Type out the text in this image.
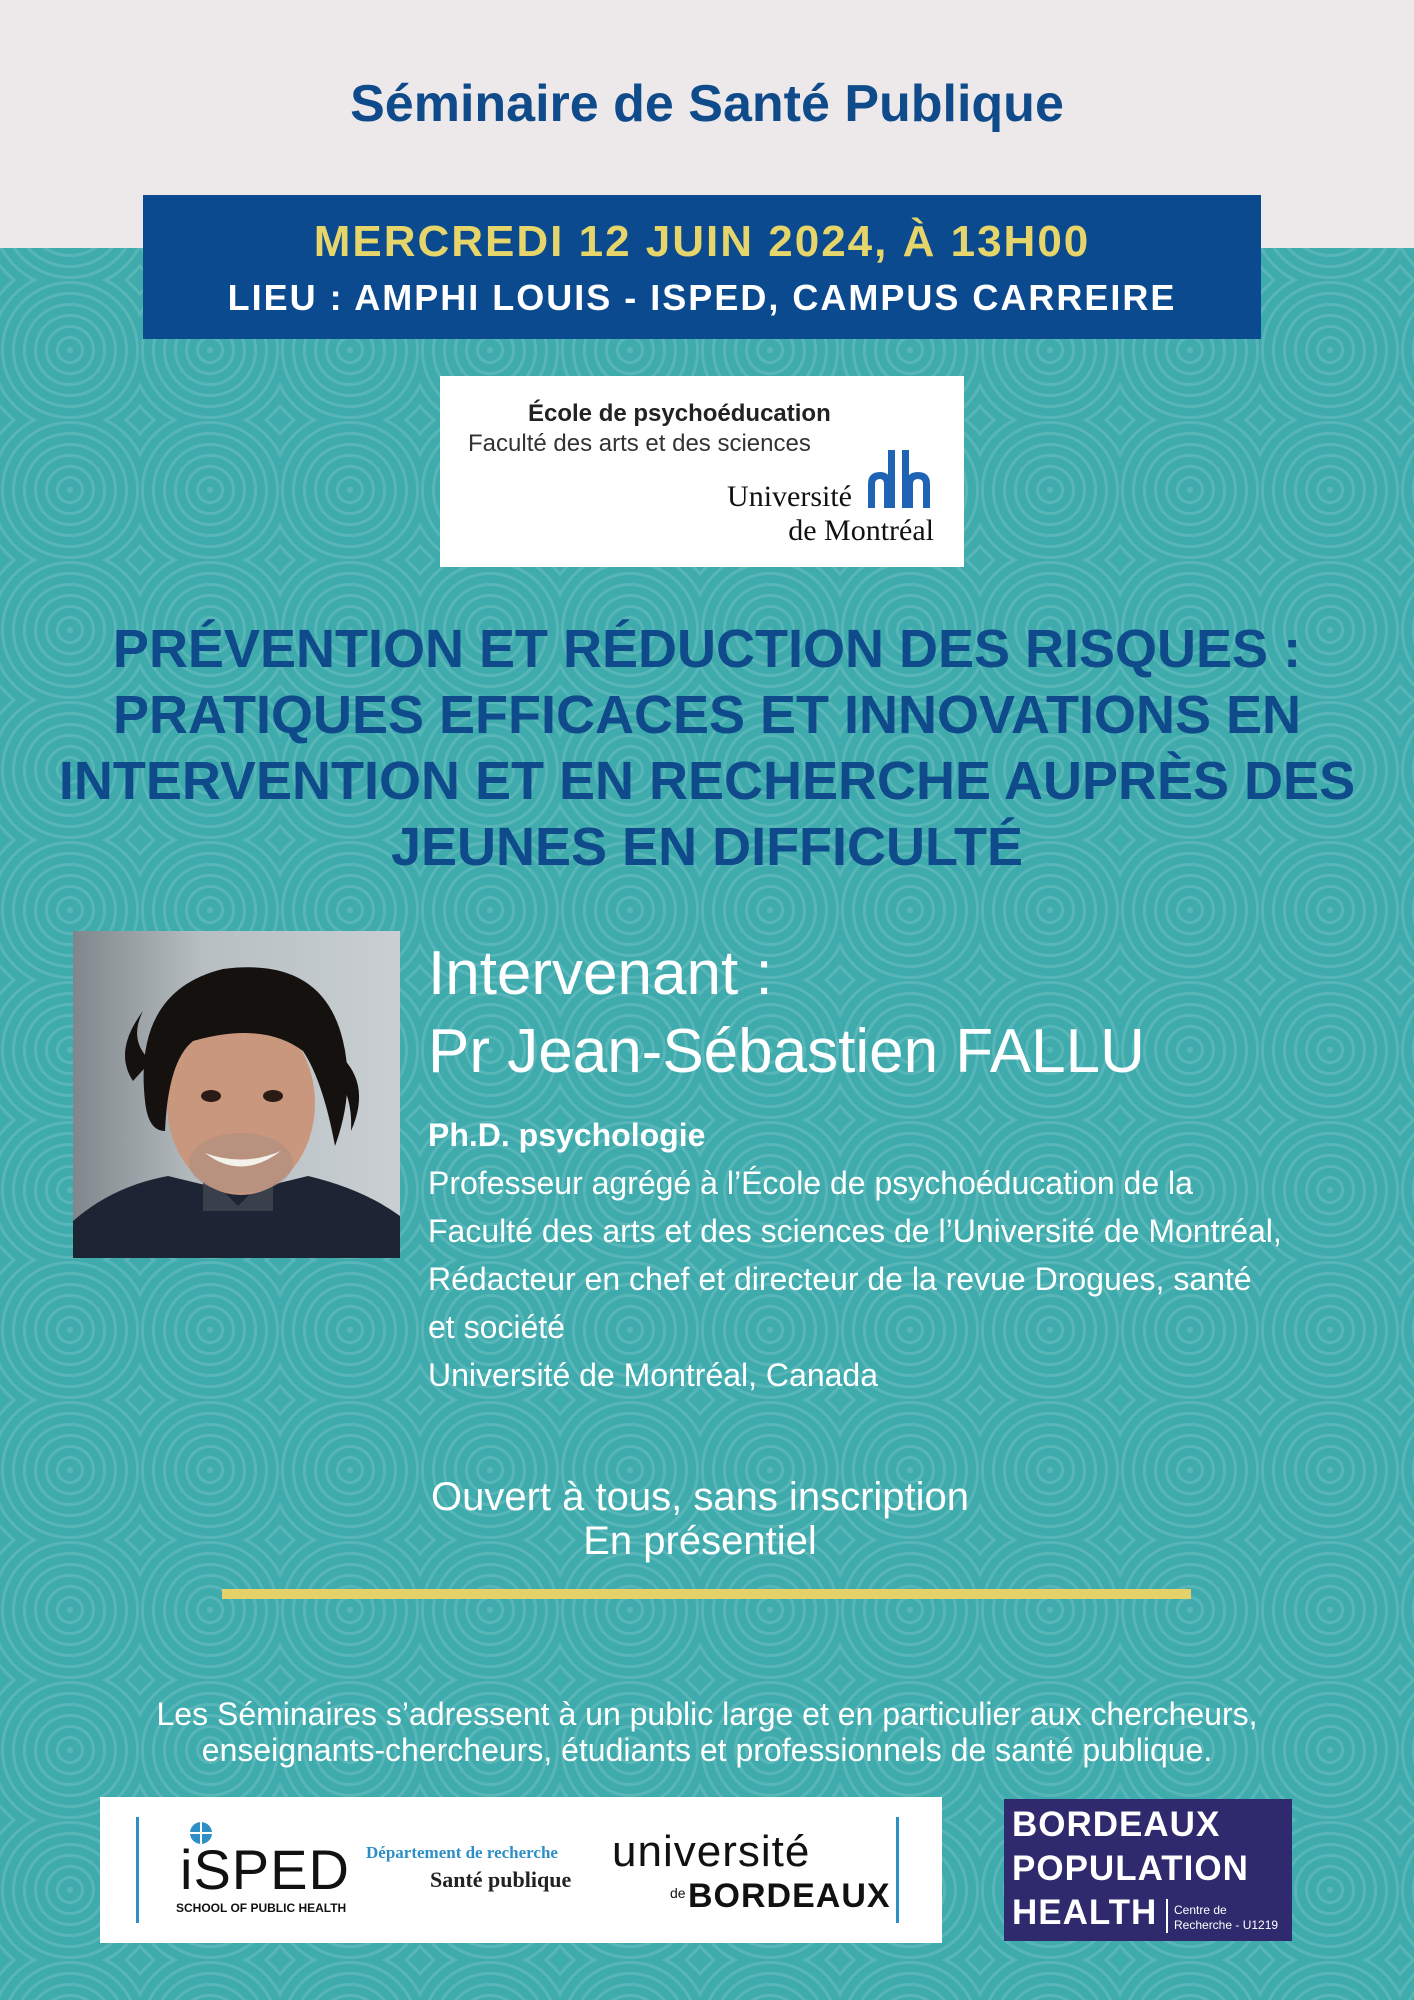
Séminaire de Santé Publique
MERCREDI 12 JUIN 2024, À 13H00
LIEU : AMPHI LOUIS - ISPED, CAMPUS CARREIRE
École de psychoéducation
Faculté des arts et des sciences
Université
de Montréal
PRÉVENTION ET RÉDUCTION DES RISQUES : PRATIQUES EFFICACES ET INNOVATIONS EN INTERVENTION ET EN RECHERCHE AUPRÈS DES JEUNES EN DIFFICULTÉ
Intervenant :
Pr Jean-Sébastien FALLU
Ph.D. psychologie
Professeur agrégé à l’École de psychoéducation de la
Faculté des arts et des sciences de l’Université de Montréal,
Rédacteur en chef et directeur de la revue Drogues, santé
et société
Université de Montréal, Canada
Ouvert à tous, sans inscription
En présentiel
Les Séminaires s’adressent à un public large et en particulier aux chercheurs,
enseignants-chercheurs, étudiants et professionnels de santé publique.
iSPED
SCHOOL OF PUBLIC HEALTH
Département de recherche
Santé publique
université
de BORDEAUX
BORDEAUX
POPULATION
HEALTH Centre de
Recherche - U1219
